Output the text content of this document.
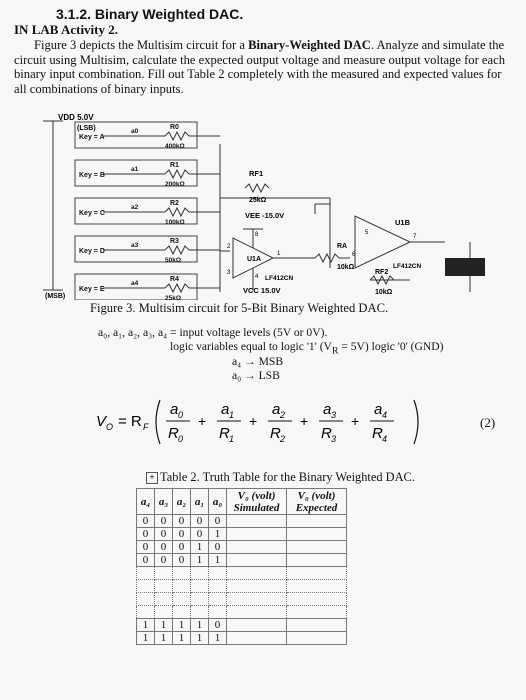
3.1.2. Binary Weighted DAC.
IN LAB Activity 2.
Figure 3 depicts the Multisim circuit for a Binary-Weighted DAC. Analyze and simulate the circuit using Multisim, calculate the expected output voltage and measure output voltage for each binary input combination. Fill out Table 2 completely with the measured and expected values for all combinations of binary inputs.
Key = A
a0
R0
400kΩ
Key = B
a1
R1
200kΩ
Key = C
a2
R2
100kΩ
Key = D
a3
R3
50kΩ
Key = E
a4
R4
25kΩ
VDD 5.0V
(LSB)
(MSB)
RF1
25kΩ
VEE -15.0V
U1A
LF412CN
VCC 15.0V
RA
10kΩ
U1B
LF412CN
RF2
10kΩ
2
3
1
8
4
5
6
7
Figure 3. Multisim circuit for 5-Bit Binary Weighted DAC.
a₀, a₁, a₂, a₃, a₄ = input voltage levels (5V or 0V).
logic variables equal to logic '1' $(V_R = 5V)$ logic '0' (GND)
a₄ → MSB
a₀ → LSB
V O = R F
a 0
R 0
+
a 1
R 1
+
a 2
R 2
+
a 3
R 3
+
a 4
R 4
(2)
+ Table 2. Truth Table for the Binary Weighted DAC.
a₄	a₃	a₂	a₁	a₀	V₀ (volt) Simulated	V₀ (volt) Expected
0	0	0	0	0		
0	0	0	0	1		
0	0	0	1	0		
0	0	0	1	1		

1	1	1	1	0		
1	1	1	1	1		
